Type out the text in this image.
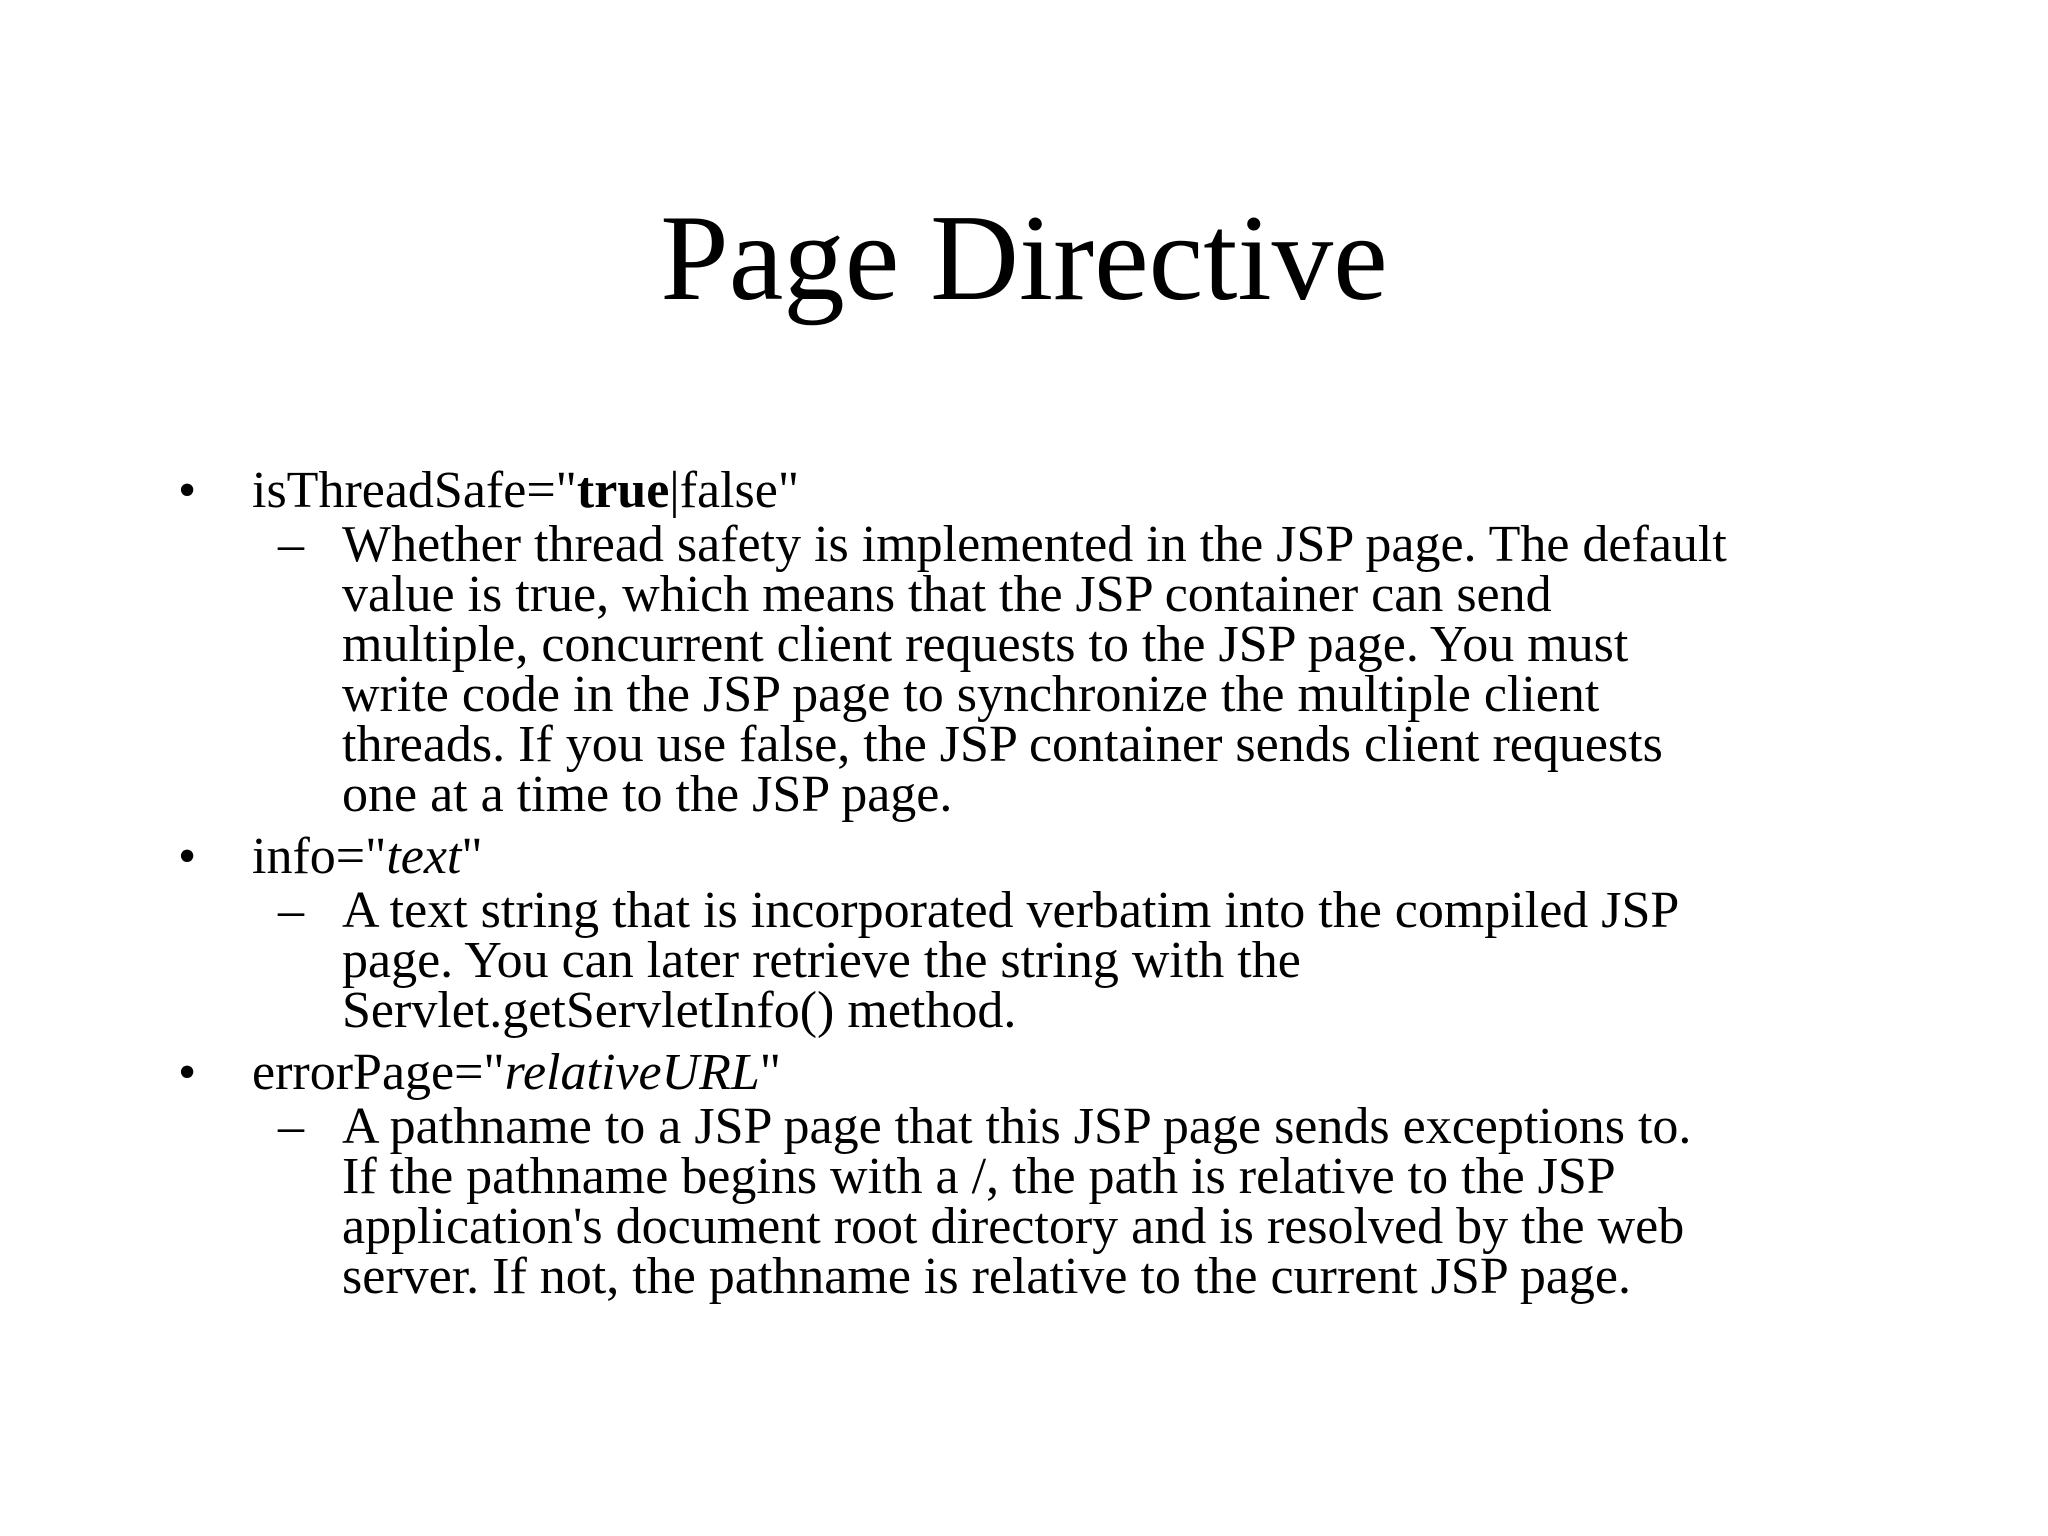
Page Directive
• isThreadSafe="true|false"
– Whether thread safety is implemented in the JSP page. The default
value is true, which means that the JSP container can send
multiple, concurrent client requests to the JSP page. You must
write code in the JSP page to synchronize the multiple client
threads. If you use false, the JSP container sends client requests
one at a time to the JSP page.
• info="text"
– A text string that is incorporated verbatim into the compiled JSP
page. You can later retrieve the string with the
Servlet.getServletInfo() method.
• errorPage="relativeURL"
– A pathname to a JSP page that this JSP page sends exceptions to.
If the pathname begins with a /, the path is relative to the JSP
application's document root directory and is resolved by the web
server. If not, the pathname is relative to the current JSP page.
